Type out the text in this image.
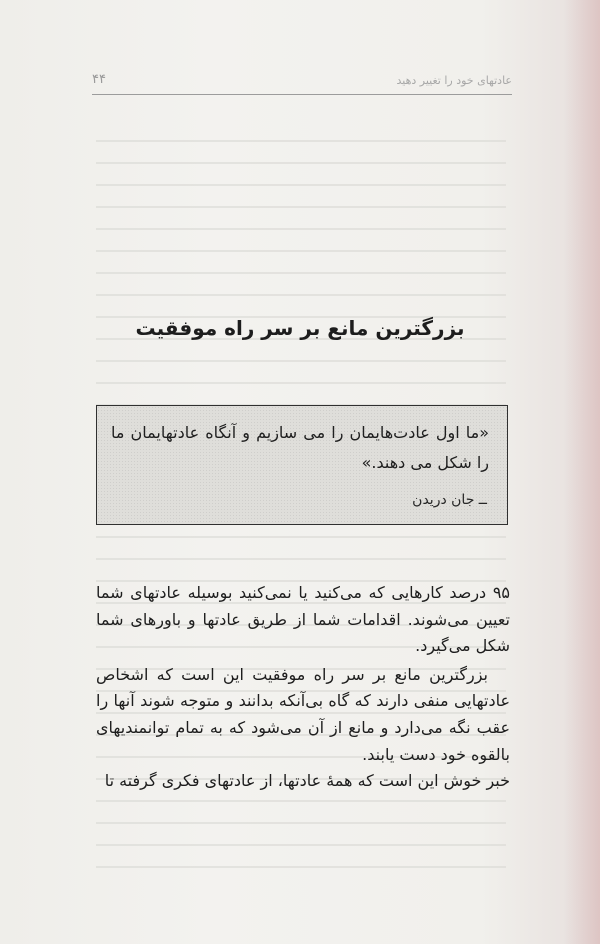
۴۴	عادتهای خود را تغییر دهید
بزرگترین مانع بر سر راه موفقیت
«ما اول عادت‌هایمان را می سازیم و آنگاه عادتهایمان ما را شکل می دهند.»
ــ جان دریدن

۹۵ درصد کارهایی که می‌کنید یا نمی‌کنید بوسیله عادتهای شما تعیین می‌شوند. اقدامات شما از طریق عادتها و باورهای شما شکل می‌گیرد.

بزرگترین مانع بر سر راه موفقیت این است که اشخاص عادتهایی منفی دارند که گاه بی‌آنکه بدانند و متوجه شوند آنها را عقب نگه می‌دارد و مانع از آن می‌شود که به تمام توانمندیهای بالقوه خود دست یابند.

خبر خوش این است که همهٔ عادتها، از عادتهای فکری گرفته تا
